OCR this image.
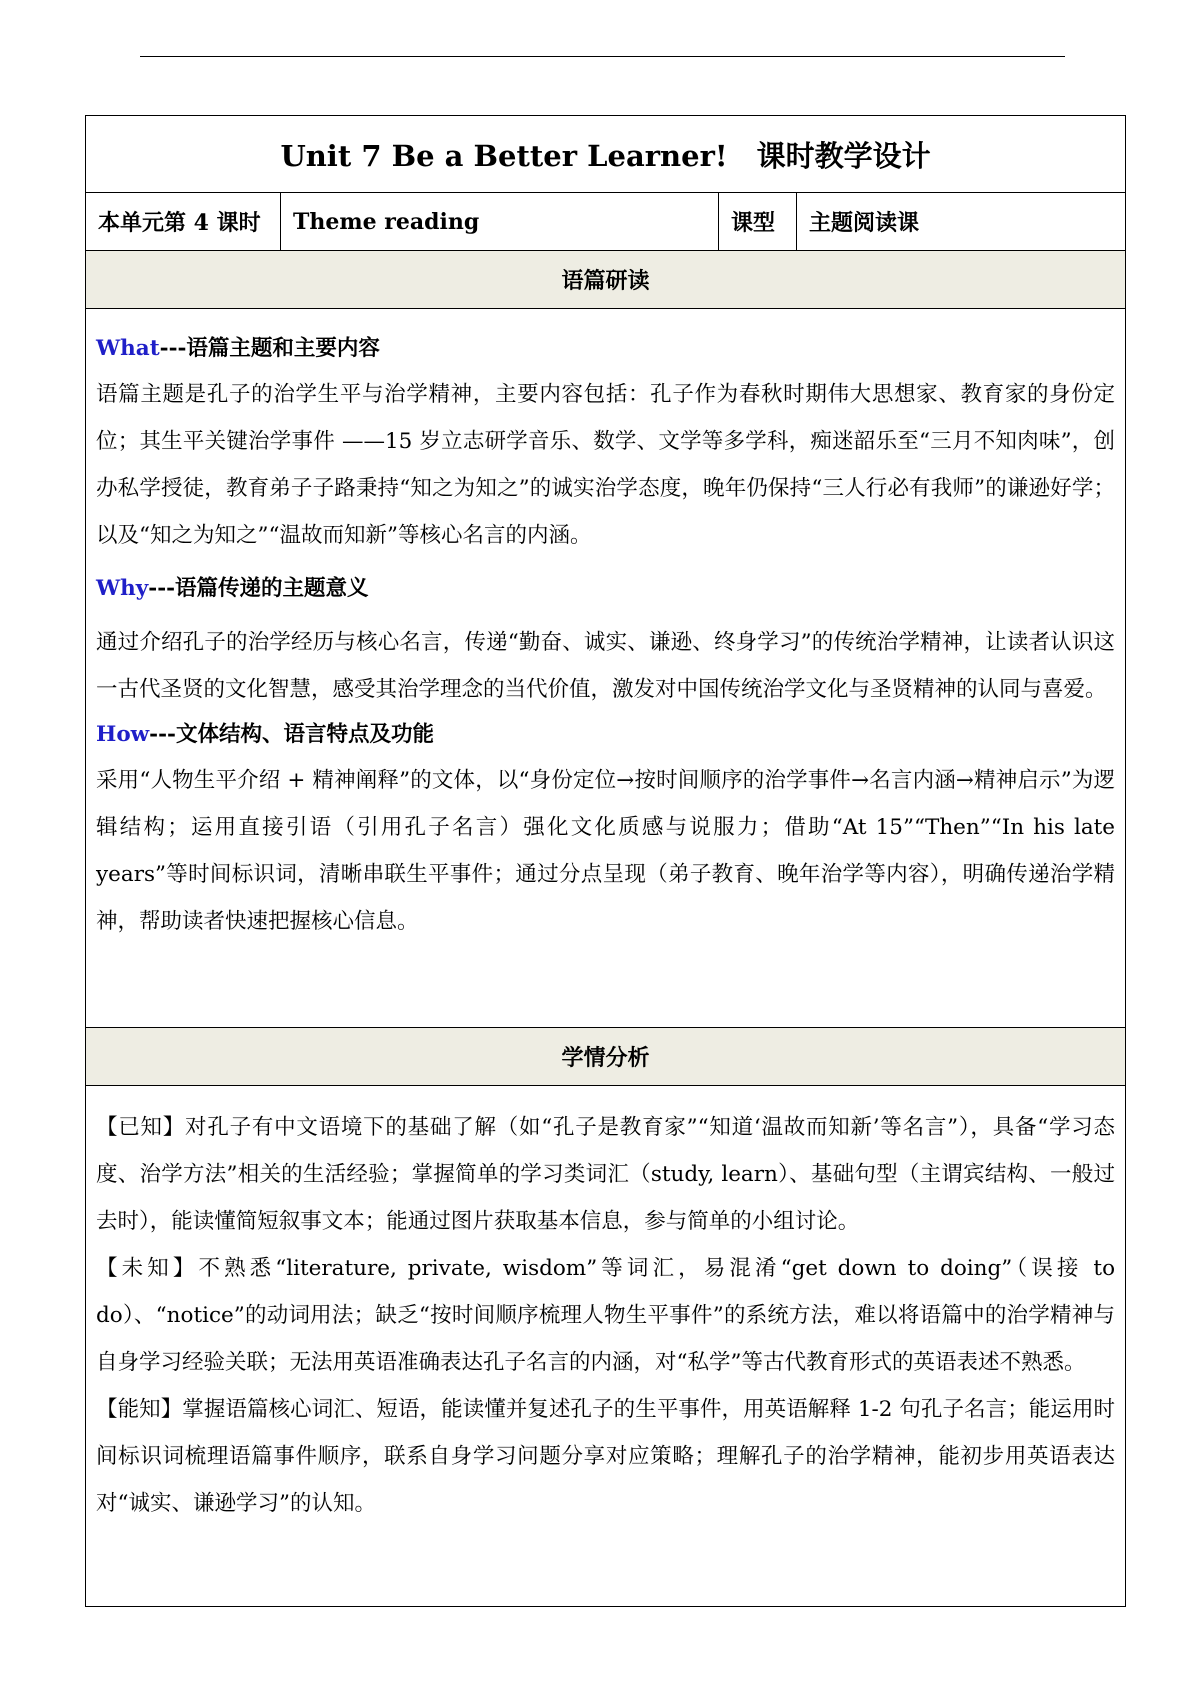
Unit 7 Be a Better Learner!　课时教学设计
本单元第 4 课时	Theme reading	课型	主题阅读课
语篇研读

What---语篇主题和主要内容

语篇主题是孔子的治学生平与治学精神，主要内容包括：孔子作为春秋时期伟大思想家、教育家的身份定位；其生平关键治学事件 ——15 岁立志研学音乐、数学、文学等多学科，痴迷韶乐至“三月不知肉味”，创办私学授徒，教育弟子子路秉持“知之为知之”的诚实治学态度，晚年仍保持“三人行必有我师”的谦逊好学；以及“知之为知之”“温故而知新”等核心名言的内涵。

Why---语篇传递的主题意义

通过介绍孔子的治学经历与核心名言，传递“勤奋、诚实、谦逊、终身学习”的传统治学精神，让读者认识这一古代圣贤的文化智慧，感受其治学理念的当代价值，激发对中国传统治学文化与圣贤精神的认同与喜爱。

How---文体结构、语言特点及功能

采用“人物生平介绍 + 精神阐释”的文体，以“身份定位→按时间顺序的治学事件→名言内涵→精神启示”为逻辑结构；运用直接引语（引用孔子名言）强化文化质感与说服力；借助“At 15”“Then”“In his late years”等时间标识词，清晰串联生平事件；通过分点呈现（弟子教育、晚年治学等内容），明确传递治学精神，帮助读者快速把握核心信息。

学情分析

【已知】对孔子有中文语境下的基础了解（如“孔子是教育家”“知道‘温故而知新’等名言”），具备“学习态度、治学方法”相关的生活经验；掌握简单的学习类词汇（study, learn）、基础句型（主谓宾结构、一般过去时），能读懂简短叙事文本；能通过图片获取基本信息，参与简单的小组讨论。

【未知】不熟悉“literature, private, wisdom”等词汇，易混淆“get down to doing”（误接 to do）、“notice”的动词用法；缺乏“按时间顺序梳理人物生平事件”的系统方法，难以将语篇中的治学精神与自身学习经验关联；无法用英语准确表达孔子名言的内涵，对“私学”等古代教育形式的英语表述不熟悉。

【能知】掌握语篇核心词汇、短语，能读懂并复述孔子的生平事件，用英语解释 1-2 句孔子名言；能运用时间标识词梳理语篇事件顺序，联系自身学习问题分享对应策略；理解孔子的治学精神，能初步用英语表达对“诚实、谦逊学习”的认知。
